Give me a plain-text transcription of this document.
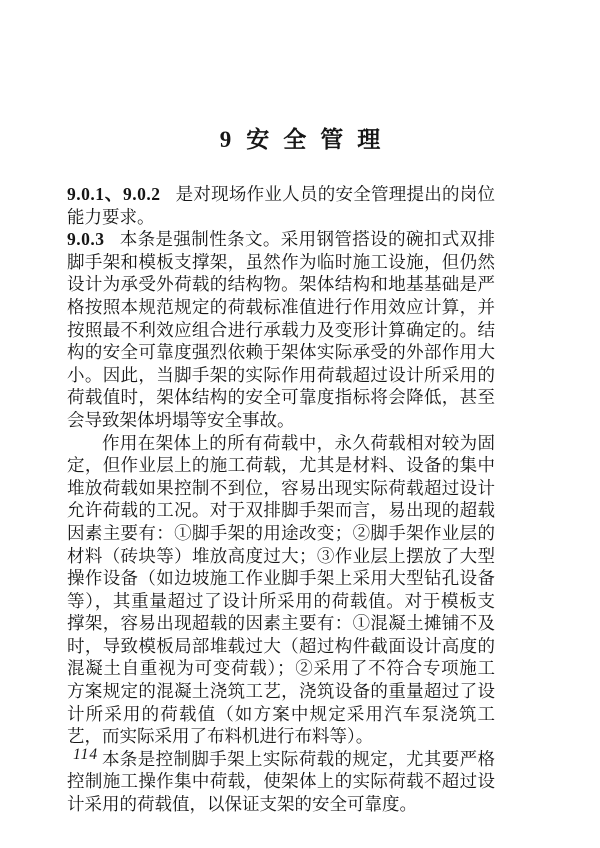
9 安全管理

9.0.1、9.0.2 是对现场作业人员的安全管理提出的岗位能力要求。

9.0.3 本条是强制性条文。采用钢管搭设的碗扣式双排脚手架和模板支撑架，虽然作为临时施工设施，但仍然设计为承受外荷载的结构物。架体结构和地基基础是严格按照本规范规定的荷载标准值进行作用效应计算，并按照最不利效应组合进行承载力及变形计算确定的。结构的安全可靠度强烈依赖于架体实际承受的外部作用大小。因此，当脚手架的实际作用荷载超过设计所采用的荷载值时，架体结构的安全可靠度指标将会降低，甚至会导致架体坍塌等安全事故。

作用在架体上的所有荷载中，永久荷载相对较为固定，但作业层上的施工荷载，尤其是材料、设备的集中堆放荷载如果控制不到位，容易出现实际荷载超过设计允许荷载的工况。对于双排脚手架而言，易出现的超载因素主要有：①脚手架的用途改变；②脚手架作业层的材料（砖块等）堆放高度过大；③作业层上摆放了大型操作设备（如边坡施工作业脚手架上采用大型钻孔设备等），其重量超过了设计所采用的荷载值。对于模板支撑架，容易出现超载的因素主要有：①混凝土摊铺不及时，导致模板局部堆载过大（超过构件截面设计高度的混凝土自重视为可变荷载）；②采用了不符合专项施工方案规定的混凝土浇筑工艺，浇筑设备的重量超过了设计所采用的荷载值（如方案中规定采用汽车泵浇筑工艺，而实际采用了布料机进行布料等）。

本条是控制脚手架上实际荷载的规定，尤其要严格控制施工操作集中荷载，使架体上的实际荷载不超过设计采用的荷载值，以保证支架的安全可靠度。

114
